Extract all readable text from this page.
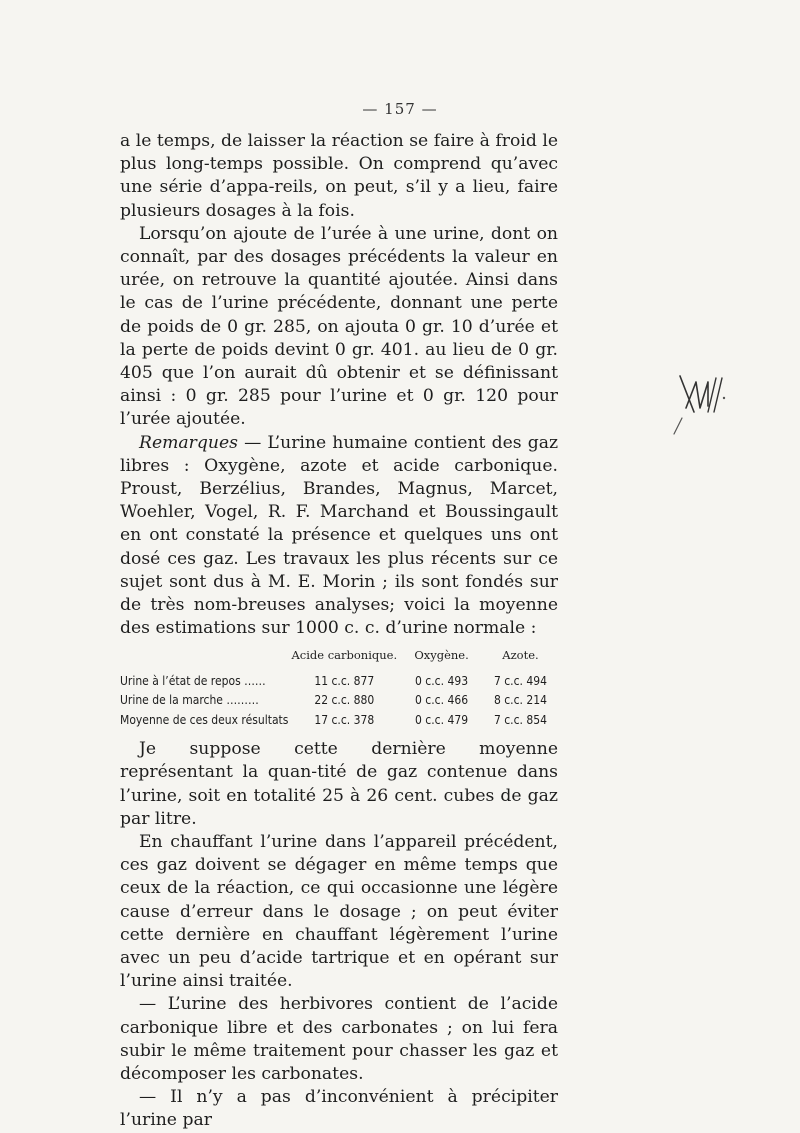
— 157 —

a le temps, de laisser la réaction se faire à froid le plus long-temps possible. On comprend qu’avec une série d’appa-reils, on peut, s’il y a lieu, faire plusieurs dosages à la fois.

Lorsqu’on ajoute de l’urée à une urine, dont on connaît, par des dosages précédents la valeur en urée, on retrouve la quantité ajoutée. Ainsi dans le cas de l’urine précédente, donnant une perte de poids de 0 gr. 285, on ajouta 0 gr. 10 d’urée et la perte de poids devint 0 gr. 401. au lieu de 0 gr. 405 que l’on aurait dû obtenir et se définissant ainsi : 0 gr. 285 pour l’urine et 0 gr. 120 pour l’urée ajoutée.

Remarques — L’urine humaine contient des gaz libres : Oxygène, azote et acide carbonique. Proust, Berzélius, Brandes, Magnus, Marcet, Woehler, Vogel, R. F. Marchand et Boussingault en ont constaté la présence et quelques uns ont dosé ces gaz. Les travaux les plus récents sur ce sujet sont dus à M. E. Morin ; ils sont fondés sur de très nom-breuses analyses; voici la moyenne des estimations sur 1000 c. c. d’urine normale :

	Acide carbonique.	Oxygène.	Azote.
Urine à l’état de repos ……	11 c.c. 877	0 c.c. 493	7 c.c. 494
Urine de la marche ………	22 c.c. 880	0 c.c. 466	8 c.c. 214
Moyenne de ces deux résultats	17 c.c. 378	0 c.c. 479	7 c.c. 854

Je suppose cette dernière moyenne représentant la quan-tité de gaz contenue dans l’urine, soit en totalité 25 à 26 cent. cubes de gaz par litre.

En chauffant l’urine dans l’appareil précédent, ces gaz doivent se dégager en même temps que ceux de la réaction, ce qui occasionne une légère cause d’erreur dans le dosage ; on peut éviter cette dernière en chauffant légèrement l’urine avec un peu d’acide tartrique et en opérant sur l’urine ainsi traitée.

— L’urine des herbivores contient de l’acide carbonique libre et des carbonates ; on lui fera subir le même traitement pour chasser les gaz et décomposer les carbonates.

— Il n’y a pas d’inconvénient à précipiter l’urine par
